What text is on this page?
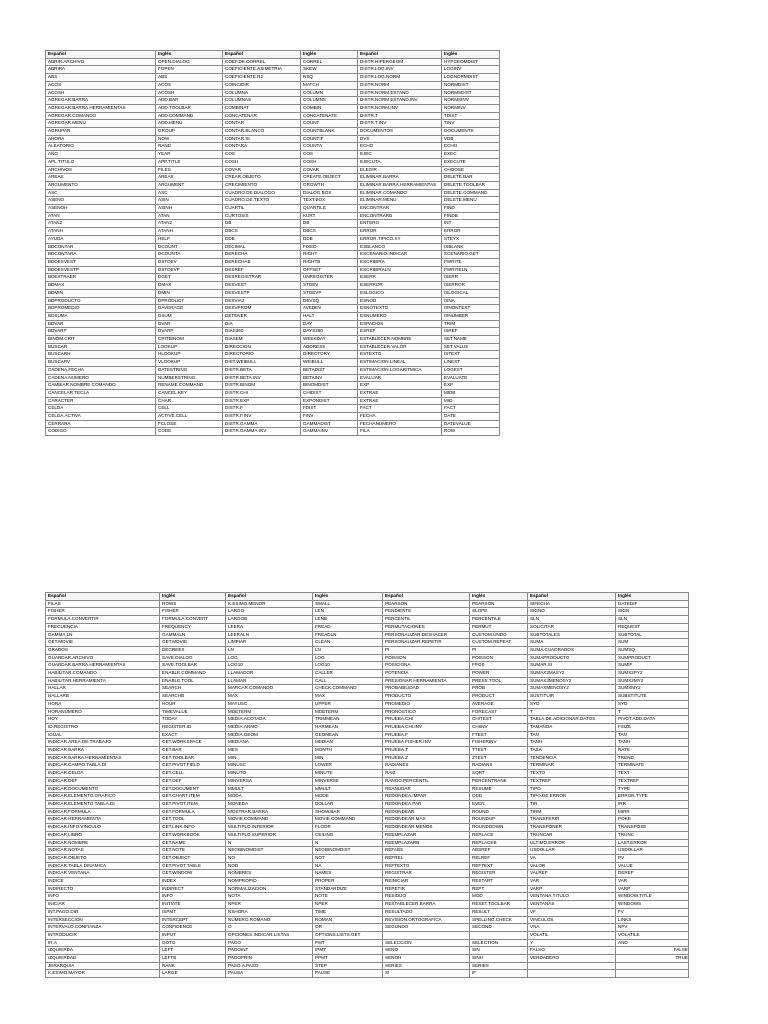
Español	Inglés	Español	Inglés	Español	Inglés
ABRIR.ARCHIVO	OPEN.DIALOG	COEF.DE.CORREL	CORREL	DISTR.HIPERGEOM	HYPGEOMDIST
ABRIRA	FOPEN	COEFICIENTE.ASIMETRIA	SKEW	DISTR.LOG.INV	LOGINV
ABS	ABS	COEFICIENTE.R2	RSQ	DISTR.LOG.NORM	LOGNORMDIST
ACOS	ACOS	COINCIDIR	MATCH	DISTR.NORM	NORMDIST
ACOSH	ACOSH	COLUMNA	COLUMN	DISTR.NORM.ESTAND	NORMSDIST
AGREGAR.BARRA	ADD.BAR	COLUMNAS	COLUMNS	DISTR.NORM.ESTAND.INV	NORMSINV
AGREGAR.BARRA.HERRAMIENTAS	ADD.TOOLBAR	COMBINAT	COMBIN	DISTR.NORM.INV	NORMINV
AGREGAR.COMANDO	ADD.COMMAND	CONCATENAR	CONCATENATE	DISTR.T	TDIST
AGREGAR.MENU	ADD.MENU	CONTAR	COUNT	DISTR.T.INV	TINV
AGRUPAR	GROUP	CONTAR.BLANCO	COUNTBLANK	DOCUMENTOS	DOCUMENTS
AHORA	NOW	CONTAR.SI	COUNTIF	DVS	VDB
ALEATORIO	RAND	CONTARA	COUNTA	ECHO	ECHO
AÑO	YEAR	COS	COS	EJEC	EXEC
APL.TITULO	APP.TITLE	COSH	COSH	EJECUTA	EXECUTE
ARCHIVOS	FILES	COVAR	COVAR	ELEGIR	CHOOSE
AREAS	AREAS	CREAR.OBJETO	CREATE.OBJECT	ELIMINAR.BARRA	DELETE.BAR
ARGUMENTO	ARGUMENT	CRECIMIENTO	GROWTH	ELIMINAR.BARRA.HERRAMIENTAS	DELETE.TOOLBAR
ASC	ASC	CUADRO.DE.DIALOGO	DIALOG.BOX	ELIMINAR.COMANDO	DELETE.COMMAND
ASENO	ASIN	CUADRO.DE.TEXTO	TEXT.BOX	ELIMINAR.MENU	DELETE.MENU
ASENOH	ASINH	CUARTIL	QUARTILE	ENCONTRAR	FIND
ATAN	ATAN	CURTOSIS	KURT	ENCONTRARB	FINDB
ATAN2	ATAN2	DB	DB	ENTERO	INT
ATANH	ATANH	DBCS	DBCS	ERROR	ERROR
AYUDA	HELP	DDB	DDB	ERROR.TIPICO.XY	STEYX
BDCONTAR	DCOUNT	DECIMAL	FIXED	ESBLANCO	ISBLANK
BDCONTARA	DCOUNTA	DERECHA	RIGHT	ESCENARIO.INDICAR	SCENARIO.GET
BDDESVEST	DSTDEV	DERECHAB	RIGHTB	ESCRIBIRA	FWRITE
BDDESVESTP	DSTDEVP	DESREF	OFFSET	ESCRIBIRALN	FWRITELN
BDEXTRAER	DGET	DESREGISTRAR	UNREGISTER	ESERR	ISERR
BDMAX	DMAX	DESVEST	STDEV	ESERROR	ISERROR
BDMIN	DMIN	DESVESTP	STDEVP	ESLOGICO	ISLOGICAL
BDPRODUCTO	DPRODUCT	DESVIA2	DEVSQ	ESNOD	ISNA
BDPROMEDIO	DAVERAGE	DESVPROM	AVEDEV	ESNOTEXTO	ISNONTEXT
BDSUMA	DSUM	DETENER	HALT	ESNUMERO	ISNUMBER
BDVAR	DVAR	DIA	DAY	ESPACIOS	TRIM
BDVARP	DVARP	DIAS360	DAYS360	ESREF	ISREF
BINOM.CRIT	CRITBINOM	DIASEM	WEEKDAY	ESTABLECER.NOMBRE	SET.NAME
BUSCAR	LOOKUP	DIRECCION	ADDRESS	ESTABLECER.VALOR	SET.VALUE
BUSCARH	HLOOKUP	DIRECTORIO	DIRECTORY	ESTEXTO	ISTEXT
BUSCARV	VLOOKUP	DIST.WEIBULL	WEIBULL	ESTIMACION.LINEAL	LINEST
CADENA.FECHA	DATESTRING	DISTR.BETA	BETADIST	ESTIMACION.LOGARITMICA	LOGEST
CADENA.NUMERO	NUMBERSTRING	DISTR.BETA.INV	BETAINV	EVALUAR	EVALUATE
CAMBIAR.NOMBRE.COMANDO	RENAME.COMMAND	DISTR.BINOM	BINOMDIST	EXP	EXP
CANCELAR.TECLA	CANCEL.KEY	DISTR.CHI	CHIDIST	EXTRAE	MIDB
CARACTER	CHAR	DISTR.EXP	EXPONDIST	EXTRAE	MID
CELDA	CELL	DISTR.F	FDIST	FACT	FACT
CELDA.ACTIVA	ACTIVE.CELL	DISTR.F.INV	FINV	FECHA	DATE
CERRARA	FCLOSE	DISTR.GAMMA	GAMMADIST	FECHANUMERO	DATEVALUE
CODIGO	CODE	DISTR.GAMMA.INV	GAMMAINV	FILA	ROW
Español	Inglés	Español	Inglés	Español	Inglés	Español	Inglés
FILAS	ROWS	K.ESIMO.MENOR	SMALL	PEARSON	PEARSON	SIFECHA	DATEDIF
FISHER	FISHER	LARGO	LEN	PENDIENTE	SLOPE	SIGNO	SIGN
FORMULA.CONVERTIR	FORMULA.CONVERT	LARGOB	LENB	PERCENTIL	PERCENTILE	SLN	SLN
FRECUENCIA	FREQUENCY	LEERA	FREAD	PERMUTACIONES	PERMUT	SOLICITAR	REQUEST
GAMMA.LN	GAMMALN	LEERALN	FREADLN	PERSONALIZAR.DESHACER	CUSTOM.UNDO	SUBTOTALES	SUBTOTAL
GET.MOVIE	GET.MOVIE	LIMPIAR	CLEAN	PERSONALIZAR.REPETIR	CUSTOM.REPEAT	SUMA	SUM
GRADOS	DEGREES	LN	LN	PI	PI	SUMA.CUADRADOS	SUMSQ
GUARDAR.ARCHIVO	SAVE.DIALOG	LOG	LOG	POISSON	POISSON	SUMAPRODUCTO	SUMPRODUCT
GUARDAR.BARRA.HERRAMIENTAS	SAVE.TOOLBAR	LOG10	LOG10	POSICIONA	FPOS	SUMAR.SI	SUMIF
HABILITAR.COMANDO	ENABLE.COMMAND	LLAMADOR	CALLER	POTENCIA	POWER	SUMAX2MASY2	SUMX2PY2
HABILITAR.HERRAMIENTA	ENABLE.TOOL	LLAMAR	CALL	PRESIONAR.HERRAMIENTA	PRESS.TOOL	SUMAX2MENOSY2	SUMX2MY2
HALLAR	SEARCH	MARCAR.COMANDO	CHECK.COMMAND	PROBABILIDAD	PROB	SUMAXMENOSY2	SUMXMY2
HALLARB	SEARCHB	MAX	MAX	PRODUCTO	PRODUCT	SUSTITUIR	SUBSTITUTE
HORA	HOUR	MAYUSC	UPPER	PROMEDIO	AVERAGE	SYD	SYD
HORANUMERO	TIMEVALUE	MDETERM	MDETERM	PRONOSTICO	FORECAST	T	T
HOY	TODAY	MEDIA.ACOTADA	TRIMMEAN	PRUEBA.CHI	CHITEST	TABLA.DE.ADICIONAR.DATOS	PIVOT.ADD.DATA
ID.REGISTRO	REGISTER.ID	MEDIA.ARMO	HARMEAN	PRUEBA.CHI.INV	CHIINV	TAMAÑOA	FSIZE
IGUAL	EXACT	MEDIA.GEOM	GEOMEAN	PRUEBA.F	FTEST	TAN	TAN
INDICAR.AREA.DE.TRABAJO	GET.WORKSPACE	MEDIANA	MEDIAN	PRUEBA.FISHER.INV	FISHERINV	TANH	TANH
INDICAR.BARRA	GET.BAR	MES	MONTH	PRUEBA.T	TTEST	TASA	RATE
INDICAR.BARRA.HERRAMIENTAS	GET.TOOLBAR	MIN	MIN	PRUEBA.Z	ZTEST	TENDENCIA	TREND
INDICAR.CAMPO.TABLA.DI	GET.PIVOT.FIELD	MINUSC	LOWER	RADIANES	RADIANS	TERMINAR	TERMINATE
INDICAR.CELDA	GET.CELL	MINUTO	MINUTE	RAIZ	SQRT	TEXTO	TEXT
INDICAR.DEF	GET.DEF	MINVERSA	MINVERSE	RANGO.PERCENTIL	PERCENTRANK	TEXTREF	TEXTREF
INDICAR.DOCUMENTO	GET.DOCUMENT	MMULT	MMULT	REANUDAR	RESUME	TIPO	TYPE
INDICAR.ELEMENTO.GRAFICO	GET.CHART.ITEM	MODA	MODE	REDONDEA.IMPAR	ODD	TIPO.DE.ERROR	ERROR.TYPE
INDICAR.ELEMENTO.TABLA.DI	GET.PIVOT.ITEM	MONEDA	DOLLAR	REDONDEA.PAR	EVEN	TIR	IRR
INDICAR.FORMULA	GET.FORMULA	MOSTRAR.BARRA	SHOW.BAR	REDONDEAR	ROUND	TIRM	MIRR
INDICAR.HERRAMIENTA	GET.TOOL	MOVIE.COMMAND	MOVIE.COMMAND	REDONDEAR.MAS	ROUNDUP	TRANSFERIR	POKE
INDICAR.INFO.VINCULO	GET.LINK.INFO	MULTIPLO.INFERIOR	FLOOR	REDONDEAR.MENOS	ROUNDDOWN	TRANSPONER	TRANSPOSE
INDICAR.LIBRO	GET.WORKBOOK	MULTIPLO.SUPERIOR	CEILING	REEMPLAZAR	REPLACE	TRUNCAR	TRUNC
INDICAR.NOMBRE	GET.NAME	N	N	REEMPLAZARB	REPLACEB	ULTIMO.ERROR	LAST.ERROR
INDICAR.NOTAS	GET.NOTE	NEGBINOMDIST	NEGBINOMDIST	REFABS	ABSREF	USDOLLAR	USDOLLAR
INDICAR.OBJETO	GET.OBJECT	NO	NOT	REFREL	RELREF	VA	PV
INDICAR.TABLA.DINAMICA	GET.PIVOT.TABLE	NOD	NA	REFTEXTO	REFTEXT	VALOR	VALUE
INDICAR.VENTANA	GET.WINDOW	NOMBRES	NAMES	REGISTRAR	REGISTER	VALREF	DEREF
INDICE	INDEX	NOMPROPIO	PROPER	REINICIAR	RESTART	VAR	VAR
INDIRECTO	INDIRECT	NORMALIZACION	STANDARDIZE	REPETIR	REPT	VARP	VARP
INFO	INFO	NOTA	NOTE	RESIDUO	MOD	VENTANA.TITULO	WINDOW.TITLE
INICIAR	INITIATE	NPER	NPER	RESTABLECER.BARRA	RESET.TOOLBAR	VENTANAS	WINDOWS
INT.PAGO.DIR	ISPMT	NSHORA	TIME	RESULTADO	RESULT	VF	FV
INTERSECCION	INTERCEPT	NUMERO.ROMANO	ROMAN	REVISION.ORTOGRAFICA	SPELLING.CHECK	VINCULOS	LINKS
INTERVALO.CONFIANZA	CONFIDENCE	O	OR	SEGUNDO	SECOND	VNA	NPV
INTRODUCIR	INPUT	OPCIONES.INDICAR.LISTAS	OPTIONS.LISTS.GET			VOLATIL	VOLATILE
IR.A	GOTO	PAGO	PMT	SELECCION	SELECTION	Y	AND
IZQUIERDA	LEFT	PAGOINT	IPMT	SENO	SIN	FALSO	FALSE
IZQUIERDAB	LEFTB	PAGOPRIN	PPMT	SENOH	SINH	VERDADERO	TRUE
JERARQUIA	RANK	PASO.A.PASO	STEP	SERIES	SERIES		
K.ESIMO.MAYOR	LARGE	PAUSA	PAUSE	SI	IF		
